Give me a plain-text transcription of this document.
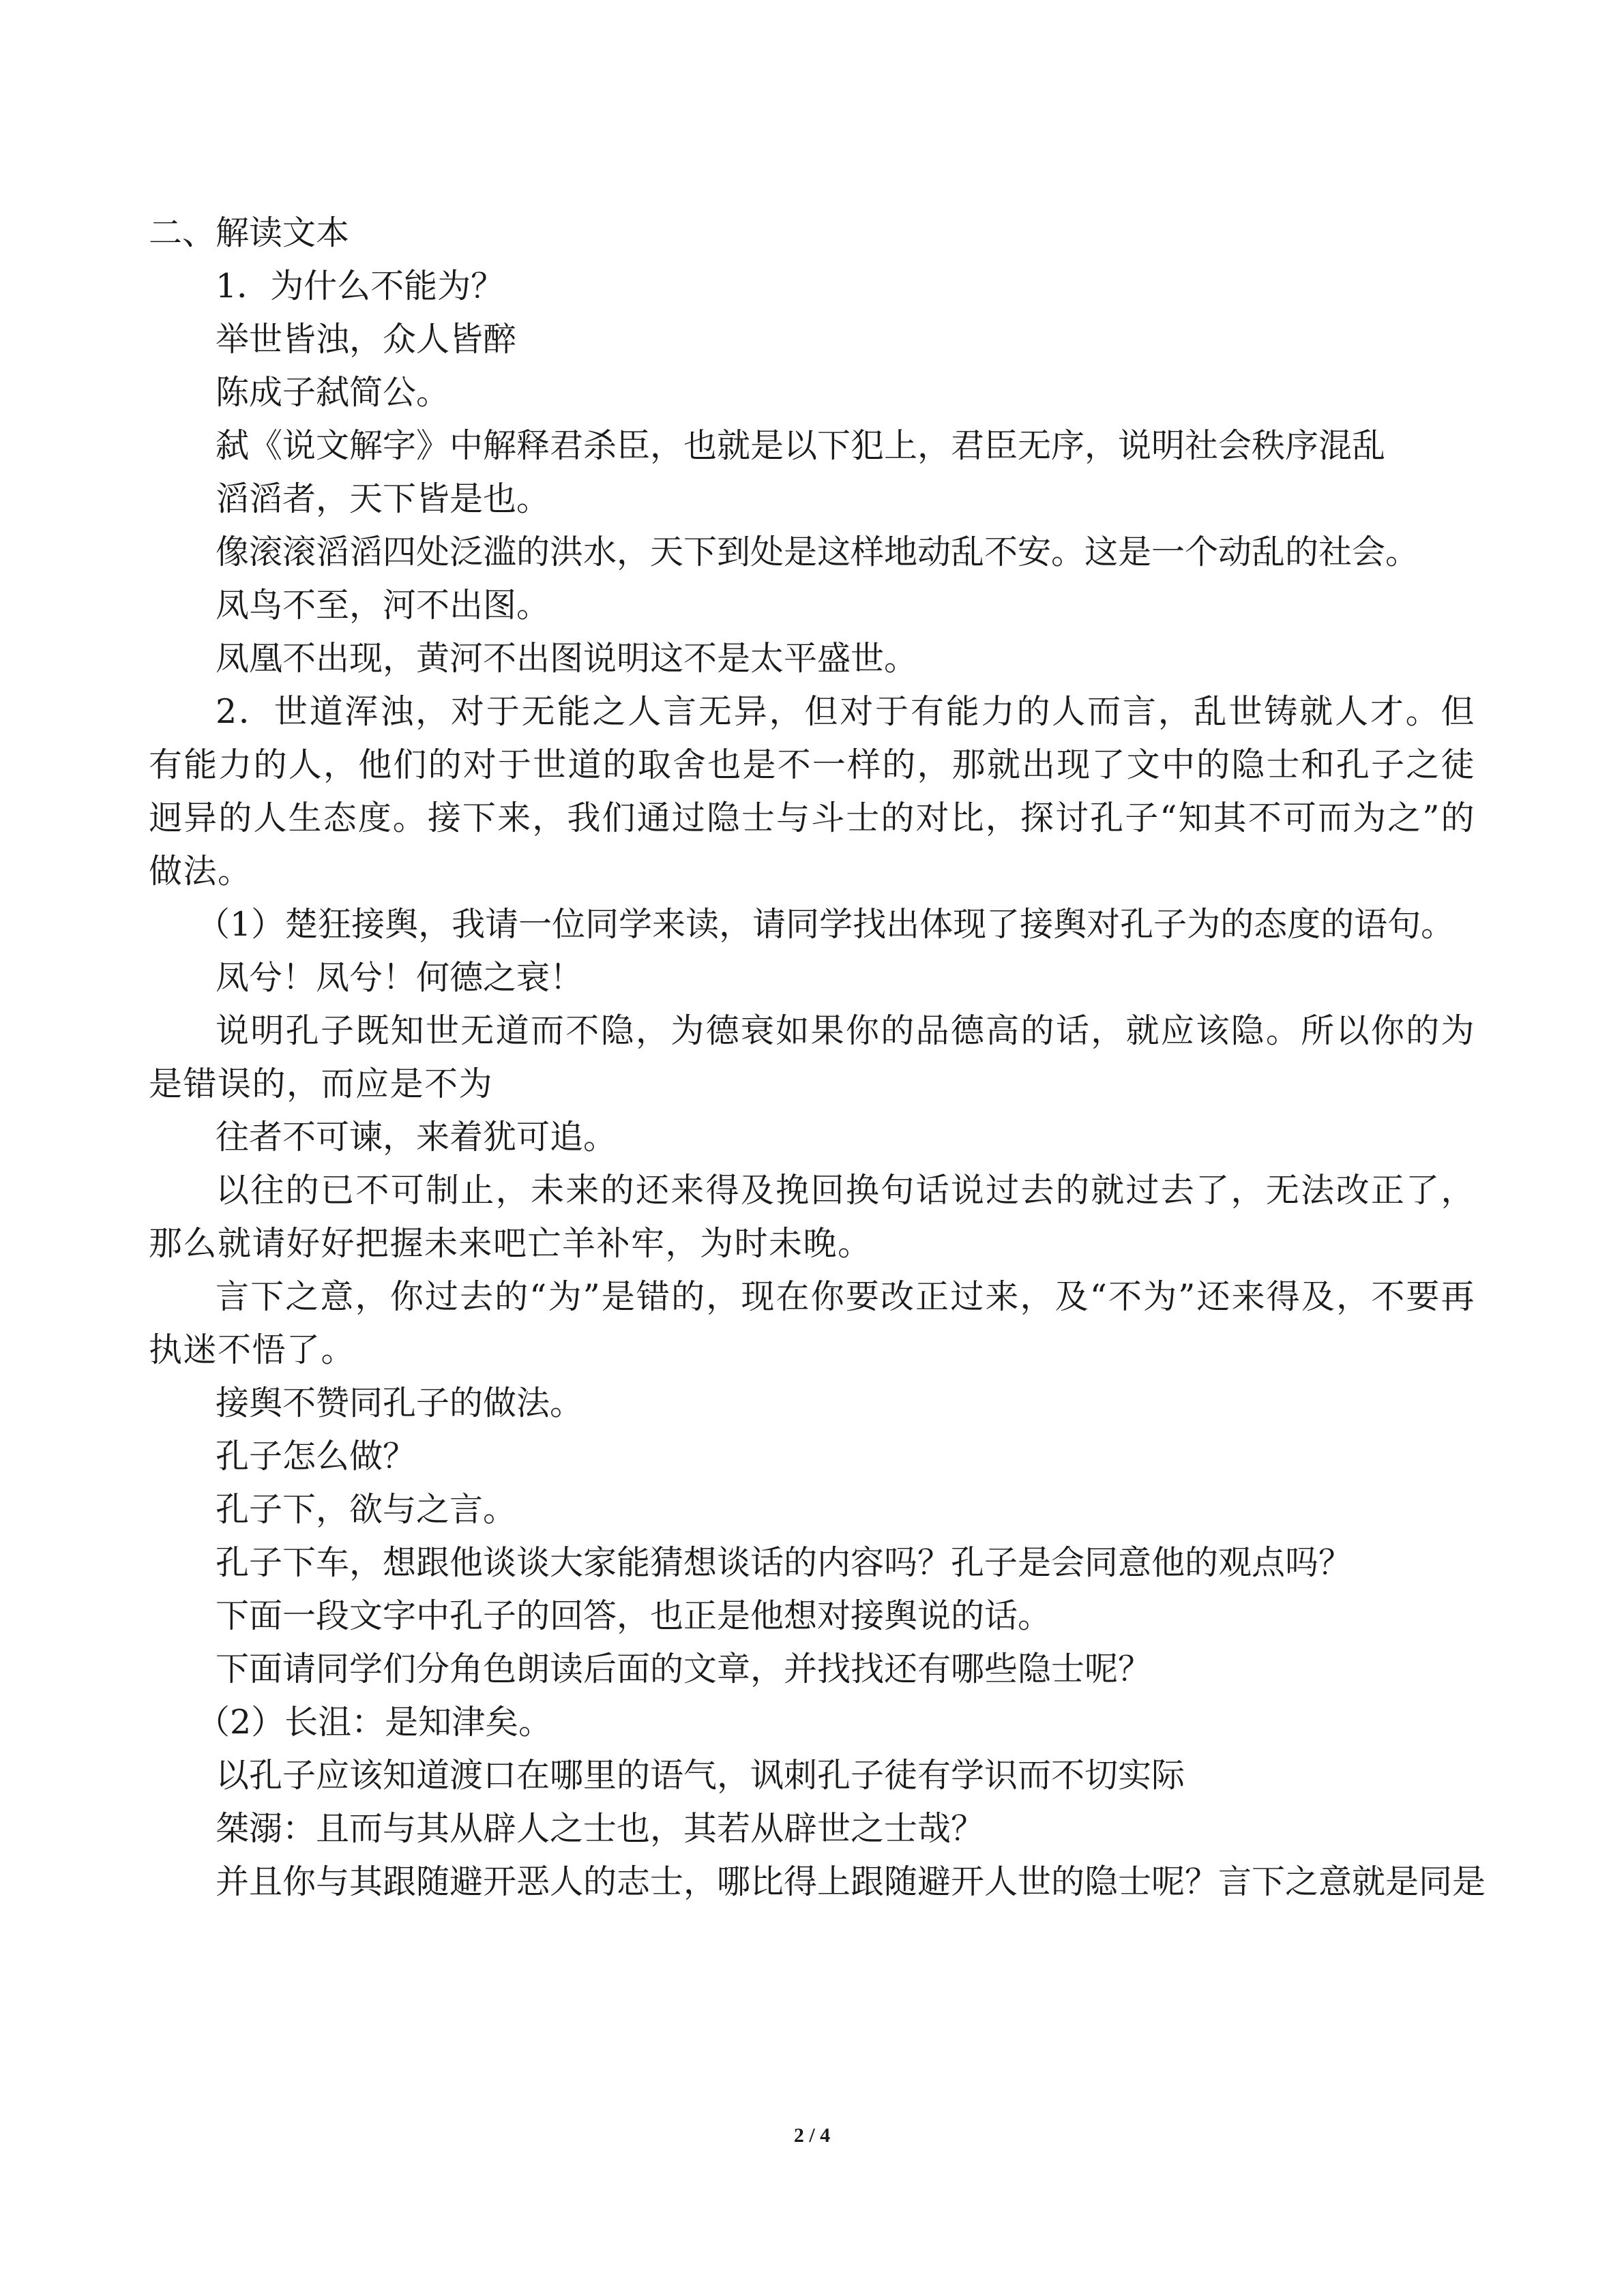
二、解读文本

1．为什么不能为？

举世皆浊，众人皆醉

陈成子弑简公。

弑《说文解字》中解释君杀臣，也就是以下犯上，君臣无序，说明社会秩序混乱

滔滔者，天下皆是也。

像滚滚滔滔四处泛滥的洪水，天下到处是这样地动乱不安。这是一个动乱的社会。

凤鸟不至，河不出图。

凤凰不出现，黄河不出图说明这不是太平盛世。

2．世道浑浊，对于无能之人言无异，但对于有能力的人而言，乱世铸就人才。但有能力的人，他们的对于世道的取舍也是不一样的，那就出现了文中的隐士和孔子之徒迥异的人生态度。接下来，我们通过隐士与斗士的对比，探讨孔子“知其不可而为之”的做法。

（1）楚狂接舆，我请一位同学来读，请同学找出体现了接舆对孔子为的态度的语句。

凤兮！凤兮！何德之衰！

说明孔子既知世无道而不隐，为德衰如果你的品德高的话，就应该隐。所以你的为是错误的，而应是不为

往者不可谏，来着犹可追。

以往的已不可制止，未来的还来得及挽回换句话说过去的就过去了，无法改正了，那么就请好好把握未来吧亡羊补牢，为时未晚。

言下之意，你过去的“为”是错的，现在你要改正过来，及“不为”还来得及，不要再执迷不悟了。

接舆不赞同孔子的做法。

孔子怎么做？

孔子下，欲与之言。

孔子下车，想跟他谈谈大家能猜想谈话的内容吗？孔子是会同意他的观点吗？

下面一段文字中孔子的回答，也正是他想对接舆说的话。

下面请同学们分角色朗读后面的文章，并找找还有哪些隐士呢？

（2）长沮：是知津矣。

以孔子应该知道渡口在哪里的语气，讽刺孔子徒有学识而不切实际

桀溺：且而与其从辟人之士也，其若从辟世之士哉？

并且你与其跟随避开恶人的志士，哪比得上跟随避开人世的隐士呢？言下之意就是同是

2 / 4
